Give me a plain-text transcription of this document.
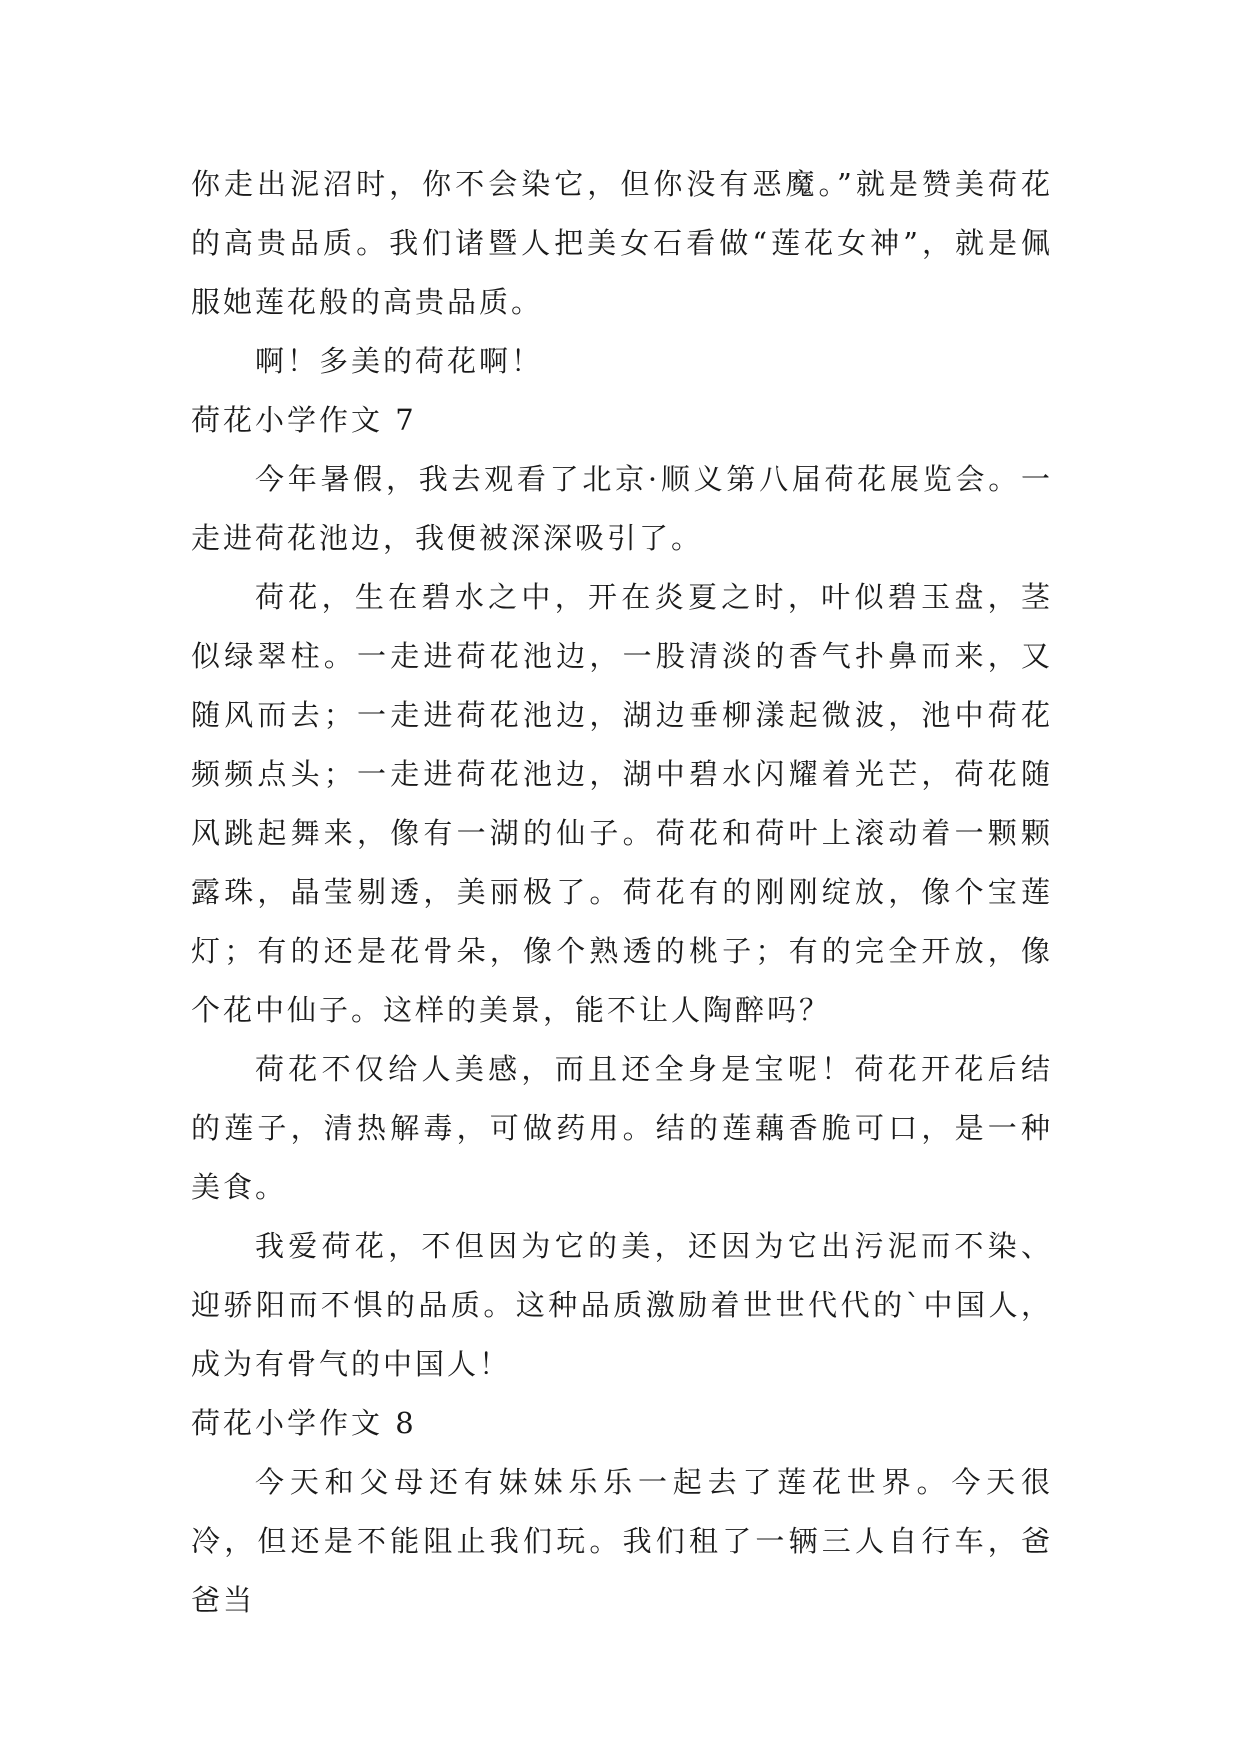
你走出泥沼时，你不会染它，但你没有恶魔。”就是赞美荷花的高贵品质。我们诸暨人把美女石看做“莲花女神”，就是佩服她莲花般的高贵品质。

啊！多美的荷花啊！

荷花小学作文 7

今年暑假，我去观看了北京·顺义第八届荷花展览会。一走进荷花池边，我便被深深吸引了。

荷花，生在碧水之中，开在炎夏之时，叶似碧玉盘，茎似绿翠柱。一走进荷花池边，一股清淡的香气扑鼻而来，又随风而去；一走进荷花池边，湖边垂柳漾起微波，池中荷花频频点头；一走进荷花池边，湖中碧水闪耀着光芒，荷花随风跳起舞来，像有一湖的仙子。荷花和荷叶上滚动着一颗颗露珠，晶莹剔透，美丽极了。荷花有的刚刚绽放，像个宝莲灯；有的还是花骨朵，像个熟透的桃子；有的完全开放，像个花中仙子。这样的美景，能不让人陶醉吗？

荷花不仅给人美感，而且还全身是宝呢！荷花开花后结的莲子，清热解毒，可做药用。结的莲藕香脆可口，是一种美食。

我爱荷花，不但因为它的美，还因为它出污泥而不染、迎骄阳而不惧的品质。这种品质激励着世世代代的`中国人，成为有骨气的中国人！

荷花小学作文 8

今天和父母还有妹妹乐乐一起去了莲花世界。今天很冷，但还是不能阻止我们玩。我们租了一辆三人自行车，爸爸当
